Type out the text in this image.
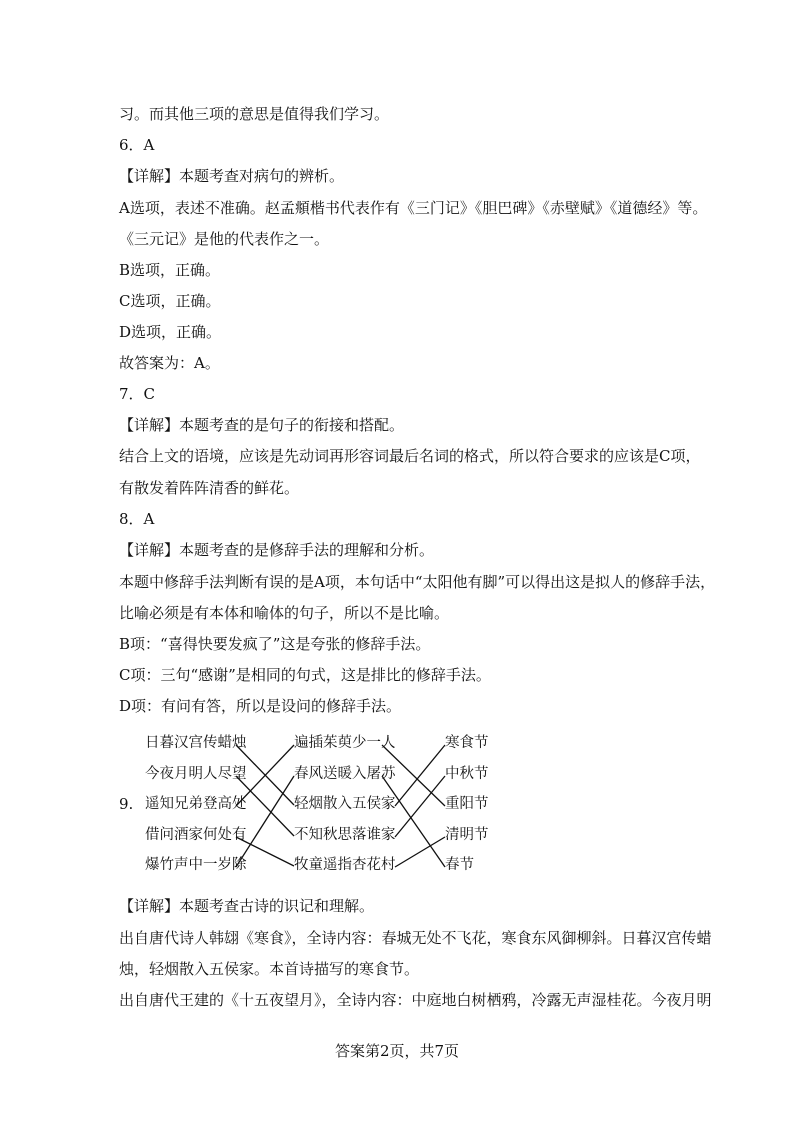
习。而其他三项的意思是值得我们学习。
6．A
【详解】本题考查对病句的辨析。
A选项，表述不准确。赵孟頫楷书代表作有《三门记》《胆巴碑》《赤壁赋》《道德经》等。
《三元记》是他的代表作之一。
B选项，正确。
C选项，正确。
D选项，正确。
故答案为：A。
7．C
【详解】本题考查的是句子的衔接和搭配。
结合上文的语境，应该是先动词再形容词最后名词的格式，所以符合要求的应该是C项，
有散发着阵阵清香的鲜花。
8．A
【详解】本题考查的是修辞手法的理解和分析。
本题中修辞手法判断有误的是A项，本句话中“太阳他有脚”可以得出这是拟人的修辞手法，
比喻必须是有本体和喻体的句子，所以不是比喻。
B项：“喜得快要发疯了”这是夸张的修辞手法。
C项：三句“感谢”是相同的句式，这是排比的修辞手法。
D项：有问有答，所以是设问的修辞手法。
9.
日暮汉宫传蜡烛
今夜月明人尽望
遥知兄弟登高处
借问酒家何处有
爆竹声中一岁除
遍插茱萸少一人
春风送暖入屠苏
轻烟散入五侯家
不知秋思落谁家
牧童遥指杏花村
寒食节
中秋节
重阳节
清明节
春节
【详解】本题考查古诗的识记和理解。
出自唐代诗人韩翃《寒食》，全诗内容：春城无处不飞花，寒食东风御柳斜。日暮汉宫传蜡
烛，轻烟散入五侯家。本首诗描写的寒食节。
出自唐代王建的《十五夜望月》，全诗内容：中庭地白树栖鸦，冷露无声湿桂花。今夜月明
答案第2页，共7页
